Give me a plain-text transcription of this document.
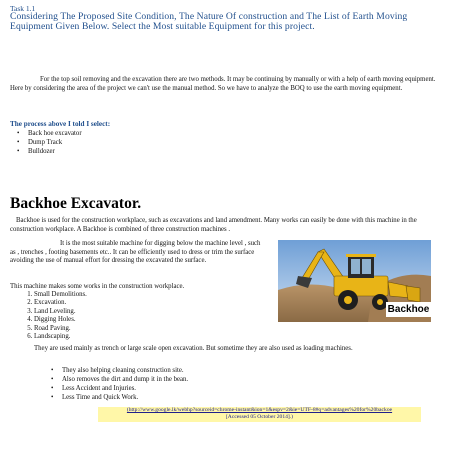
Task 1.1
Considering The Proposed Site Condition, The Nature Of construction and The List of Earth Moving Equipment Given Below. Select the Most suitable Equipment for this project.
For the top soil removing and the excavation there are two methods. It may be continuing by manually or with a help of earth moving equipment. Here by considering the area of the project we can't use the manual method. So we have to analyze the BOQ to use the earth moving equipment.
The process above I told I select:
• Back hoe excavator
• Dump Track
• Bulldozer
Backhoe Excavator.
Backhoe is used for the construction workplace, such as excavations and land amendment. Many works can easily be done with this machine in the construction workplace. A Backhoe is combined of three construction machines .
It is the most suitable machine for digging below the machine level , such as , trenches , footing basements etc.. It can be efficiently used to dress or trim the surface avoiding the use of manual effort for dressing the excavated the surface.
Backhoe
This machine makes some works in the construction workplace.
1. Small Demolitions.
2. Excavation.
3. Land Leveling.
4. Digging Holes.
5. Road Paving.
6. Landscaping.
They are used mainly as trench or large scale open excavation. But sometime they are also used as loading machines.
• They also helping cleaning construction site.
• Also removes the dirt and dump it in the bean.
• Less Accident and Injuries.
• Less Time and Quick Work.
(http://www.google.lk/webhp?sourceid=chrome-instant&ion=1&espv=2&ie=UTF-8#q=advantages%20for%20backoe
[Accessed 05 October 2014].)
